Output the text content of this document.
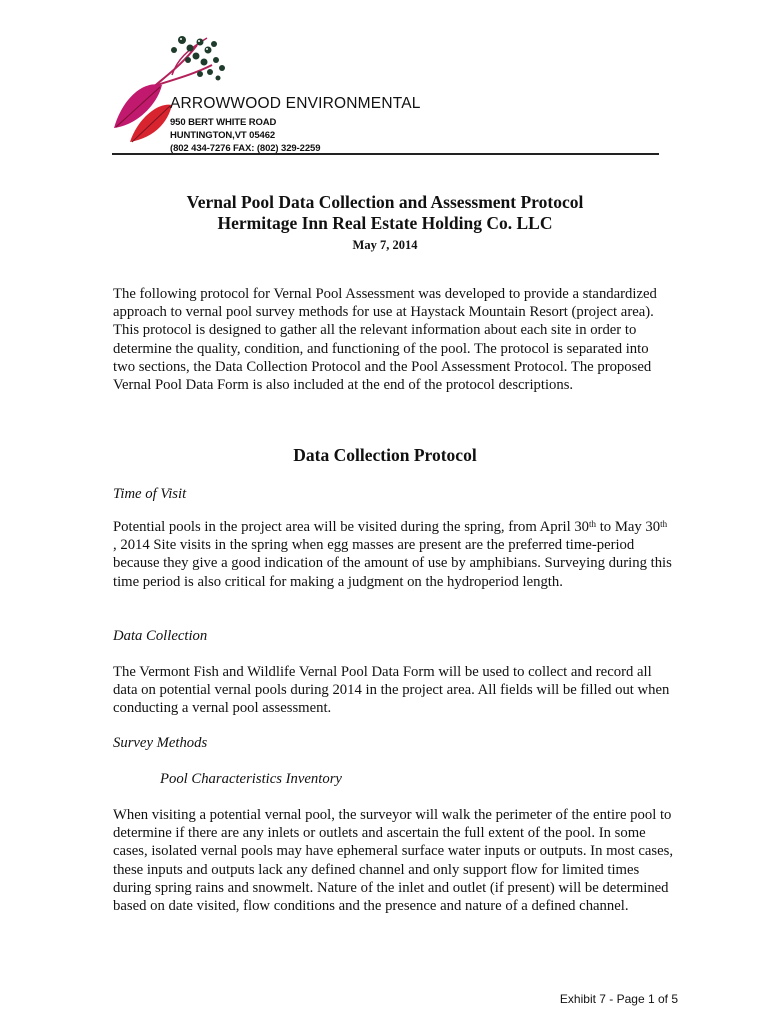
ARROWWOOD ENVIRONMENTAL
950 BERT WHITE ROAD
HUNTINGTON,VT 05462
(802 434-7276 FAX: (802) 329-2259
Vernal Pool Data Collection and Assessment Protocol
Hermitage Inn Real Estate Holding Co. LLC
May 7, 2014

The following protocol for Vernal Pool Assessment was developed to provide a standardized approach to vernal pool survey methods for use at Haystack Mountain Resort (project area). This protocol is designed to gather all the relevant information about each site in order to determine the quality, condition, and functioning of the pool. The protocol is separated into two sections, the Data Collection Protocol and the Pool Assessment Protocol. The proposed Vernal Pool Data Form is also included at the end of the protocol descriptions.

Data Collection Protocol
Time of Visit

Potential pools in the project area will be visited during the spring, from April 30th to May 30th , 2014 Site visits in the spring when egg masses are present are the preferred time-period because they give a good indication of the amount of use by amphibians. Surveying during this time period is also critical for making a judgment on the hydroperiod length.

Data Collection

The Vermont Fish and Wildlife Vernal Pool Data Form will be used to collect and record all data on potential vernal pools during 2014 in the project area. All fields will be filled out when conducting a vernal pool assessment.

Survey Methods
Pool Characteristics Inventory

When visiting a potential vernal pool, the surveyor will walk the perimeter of the entire pool to determine if there are any inlets or outlets and ascertain the full extent of the pool. In some cases, isolated vernal pools may have ephemeral surface water inputs or outputs. In most cases, these inputs and outputs lack any defined channel and only support flow for limited times during spring rains and snowmelt. Nature of the inlet and outlet (if present) will be determined based on date visited, flow conditions and the presence and nature of a defined channel.

Exhibit 7 - Page 1 of 5
